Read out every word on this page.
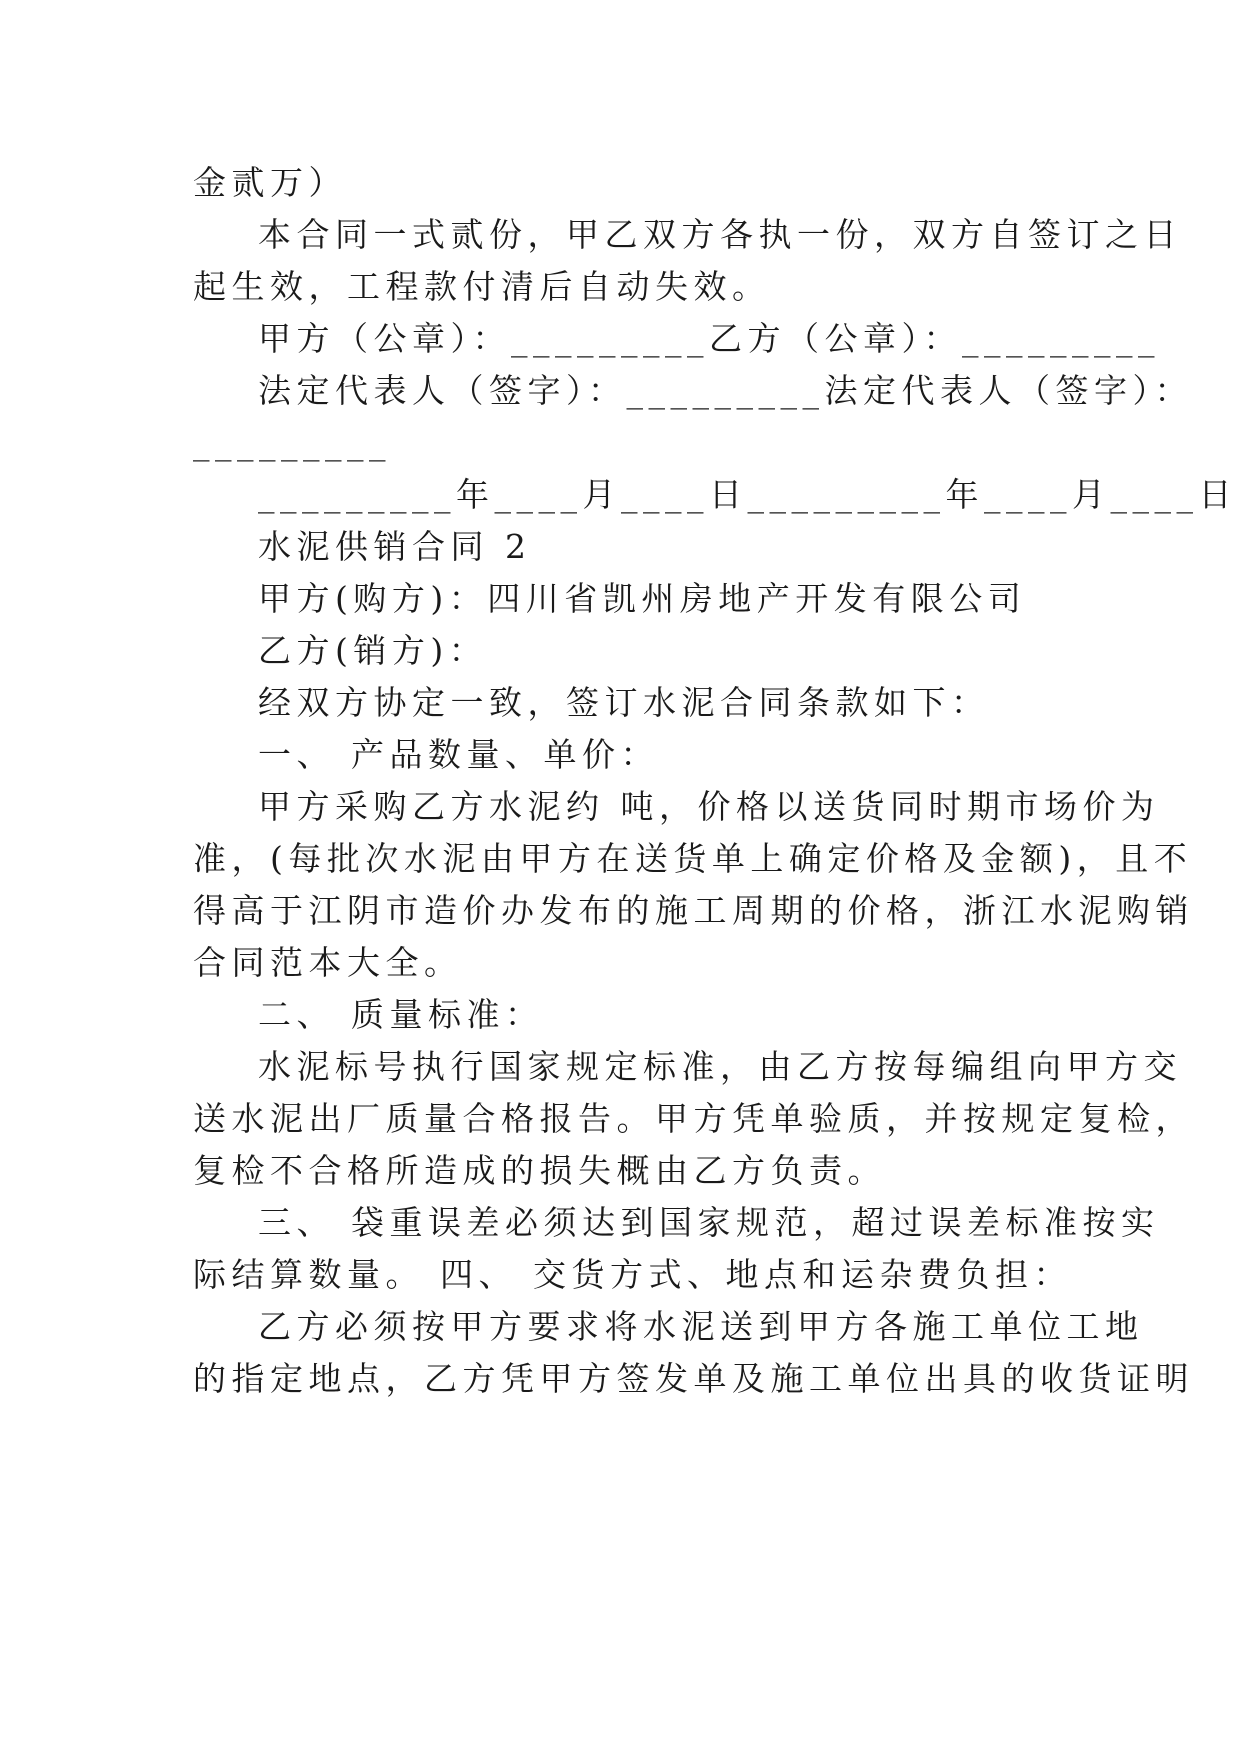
金贰万）
本合同一式贰份，甲乙双方各执一份，双方自签订之日
起生效，工程款付清后自动失效。
甲方（公章）：_________乙方（公章）：_________
法定代表人（签字）：_________法定代表人（签字）：
_________
_________年____月____日_________年____月____日
水泥供销合同 2
甲方(购方)：四川省凯州房地产开发有限公司
乙方(销方)：
经双方协定一致，签订水泥合同条款如下：
一、 产品数量、单价：
甲方采购乙方水泥约 吨，价格以送货同时期市场价为
准，(每批次水泥由甲方在送货单上确定价格及金额)，且不
得高于江阴市造价办发布的施工周期的价格，浙江水泥购销
合同范本大全。
二、 质量标准：
水泥标号执行国家规定标准，由乙方按每编组向甲方交
送水泥出厂质量合格报告。甲方凭单验质，并按规定复检，
复检不合格所造成的损失概由乙方负责。
三、 袋重误差必须达到国家规范，超过误差标准按实
际结算数量。 四、 交货方式、地点和运杂费负担：
乙方必须按甲方要求将水泥送到甲方各施工单位工地
的指定地点，乙方凭甲方签发单及施工单位出具的收货证明
